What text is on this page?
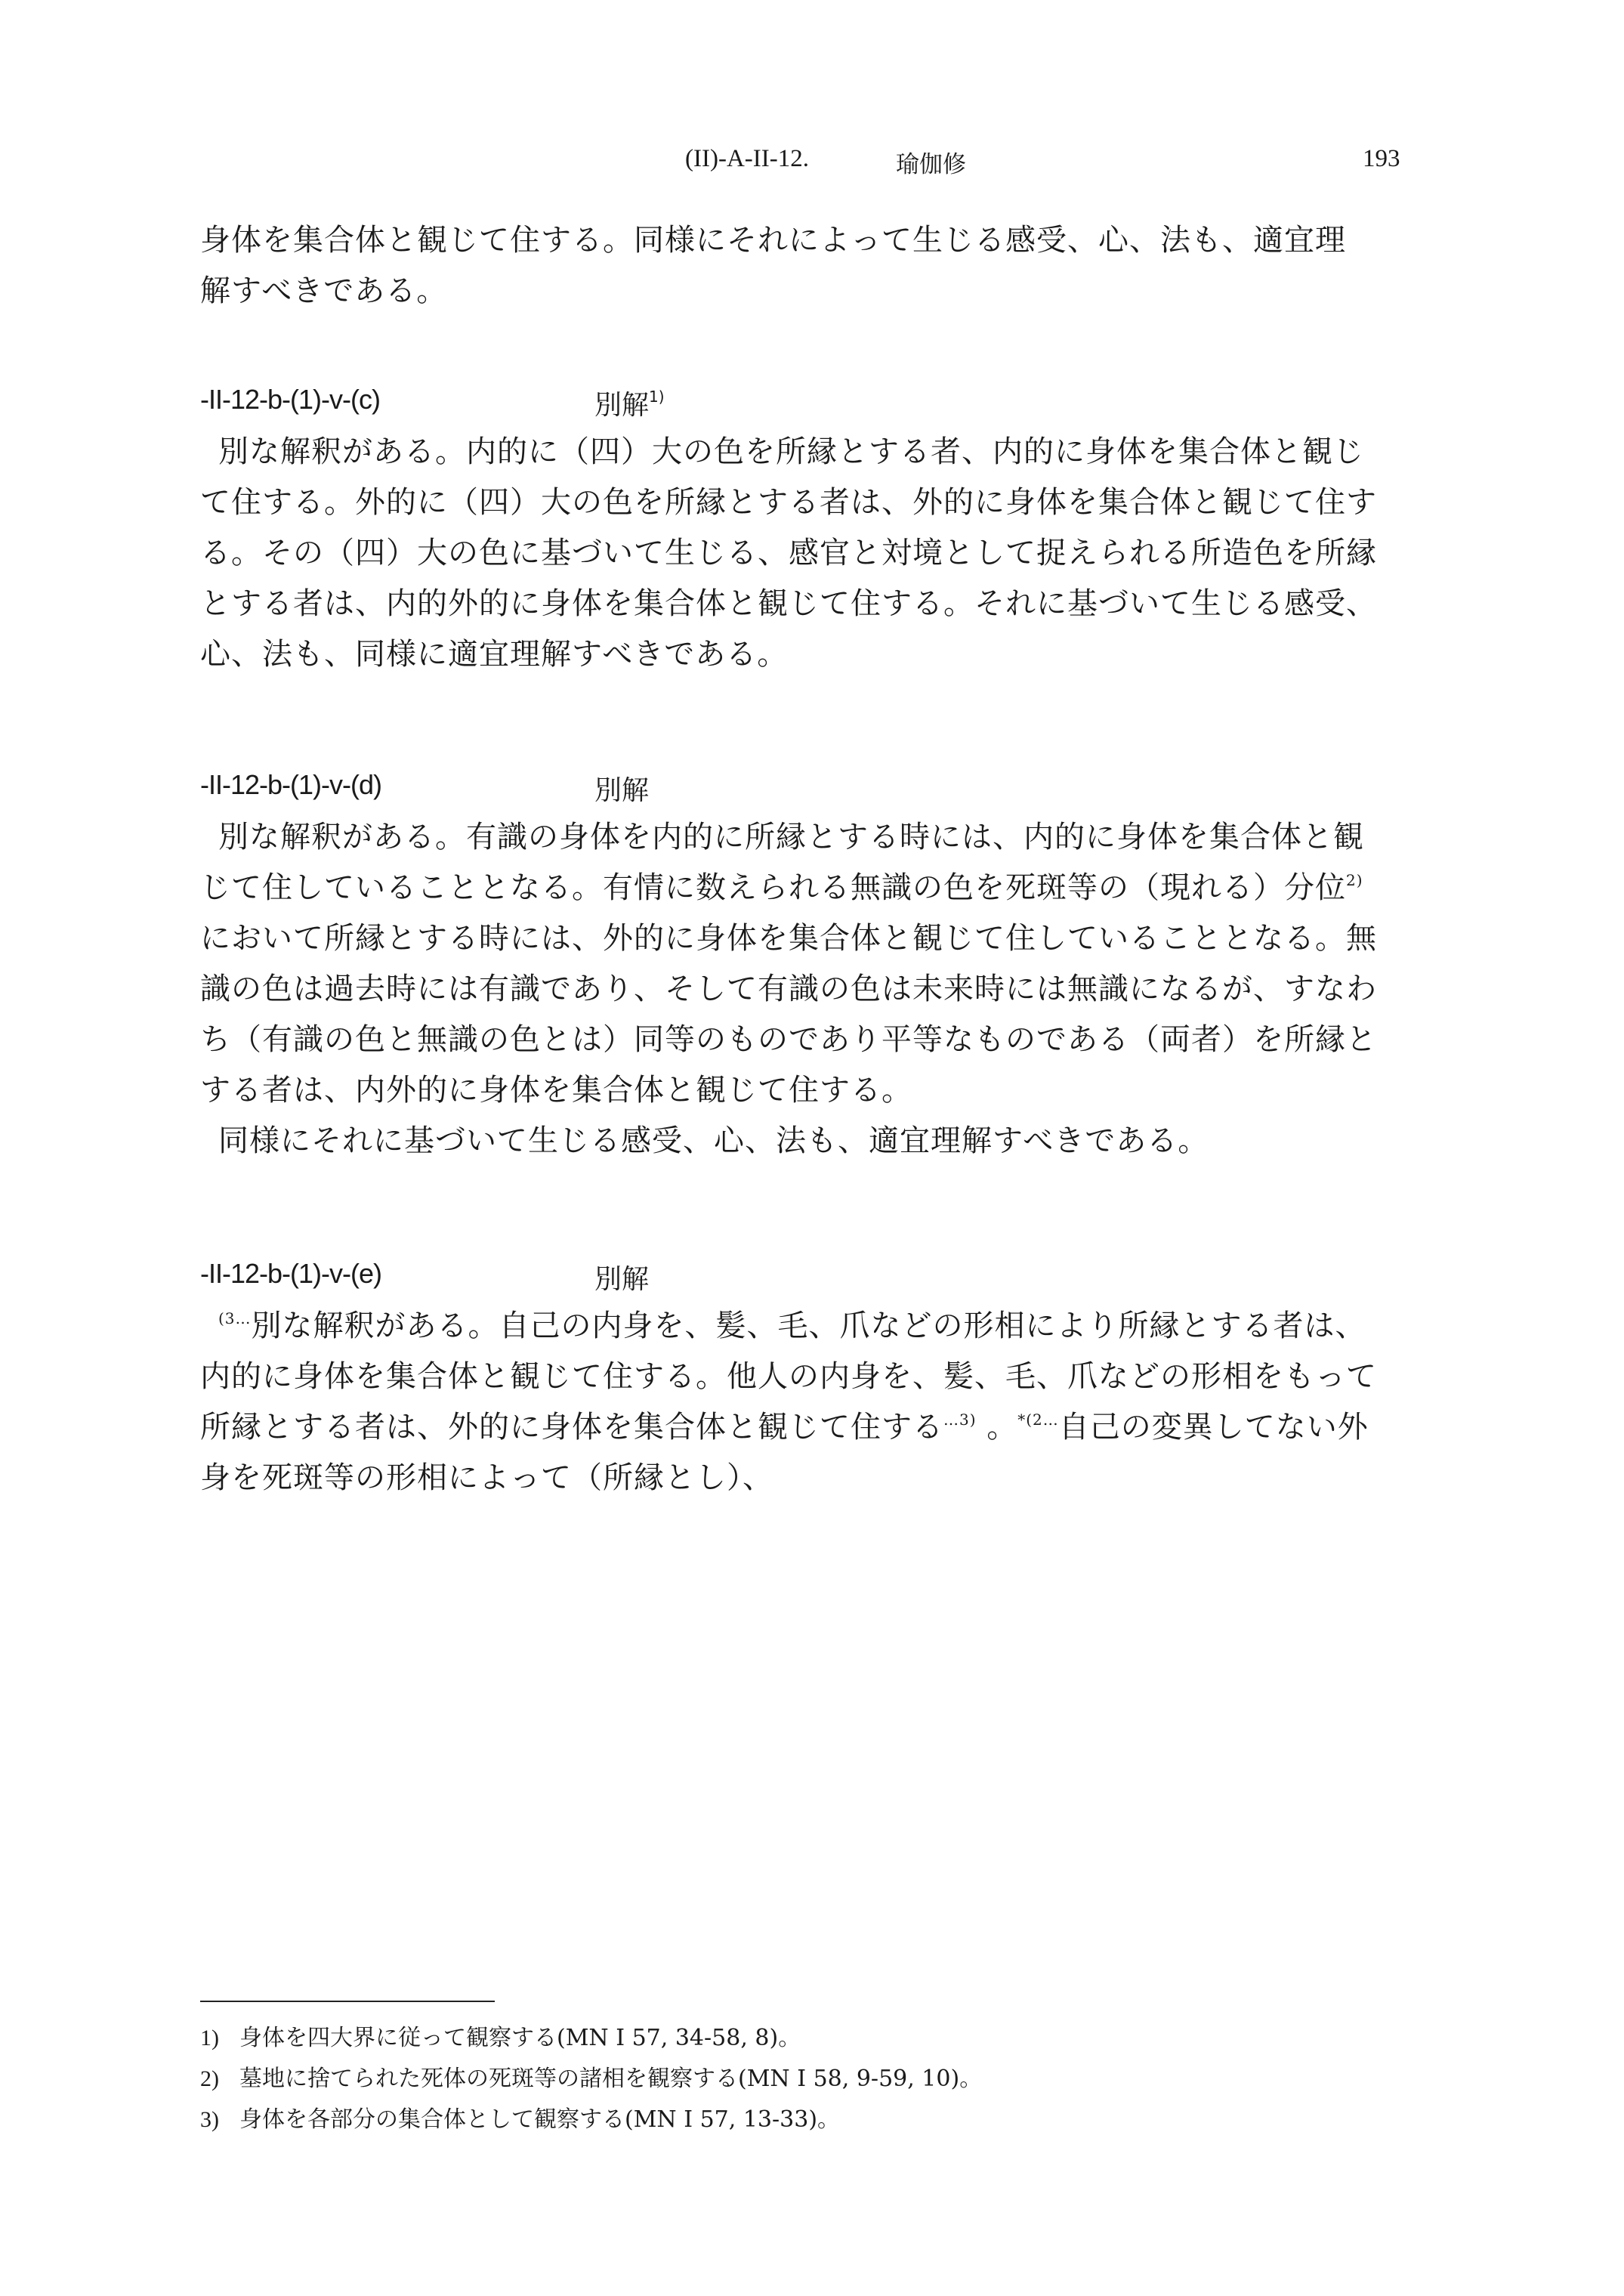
(II)-A-II-12.	瑜伽修	193
身体を集合体と観じて住する。同様にそれによって生じる感受、心、法も、適宜理
解すべきである。
-II-12-b-(1)-v-(c)	別解$^{1)}$
別な解釈がある。内的に（四）大の色を所縁とする者、内的に身体を集合体と観じ
て住する。外的に（四）大の色を所縁とする者は、外的に身体を集合体と観じて住す
る。その（四）大の色に基づいて生じる、感官と対境として捉えられる所造色を所縁
とする者は、内的外的に身体を集合体と観じて住する。それに基づいて生じる感受、
心、法も、同様に適宜理解すべきである。
-II-12-b-(1)-v-(d)	別解
別な解釈がある。有識の身体を内的に所縁とする時には、内的に身体を集合体と観
じて住していることとなる。有情に数えられる無識の色を死斑等の（現れる）分位$^{2)}$
において所縁とする時には、外的に身体を集合体と観じて住していることとなる。無
識の色は過去時には有識であり、そして有識の色は未来時には無識になるが、すなわ
ち（有識の色と無識の色とは）同等のものであり平等なものである（両者）を所縁と
する者は、内外的に身体を集合体と観じて住する。
同様にそれに基づいて生じる感受、心、法も、適宜理解すべきである。
-II-12-b-(1)-v-(e)	別解
$^{(3\dots}$別な解釈がある。自己の内身を、髪、毛、爪などの形相により所縁とする者は、
内的に身体を集合体と観じて住する。他人の内身を、髪、毛、爪などの形相をもって
所縁とする者は、外的に身体を集合体と観じて住する$^{\dots 3)}$ 。$^{*(2\dots}$自己の変異してない外
身を死斑等の形相によって（所縁とし）、
1) 身体を四大界に従って観察する(MN I 57, 34-58, 8)。
2) 墓地に捨てられた死体の死斑等の諸相を観察する(MN I 58, 9-59, 10)。
3) 身体を各部分の集合体として観察する(MN I 57, 13-33)。
